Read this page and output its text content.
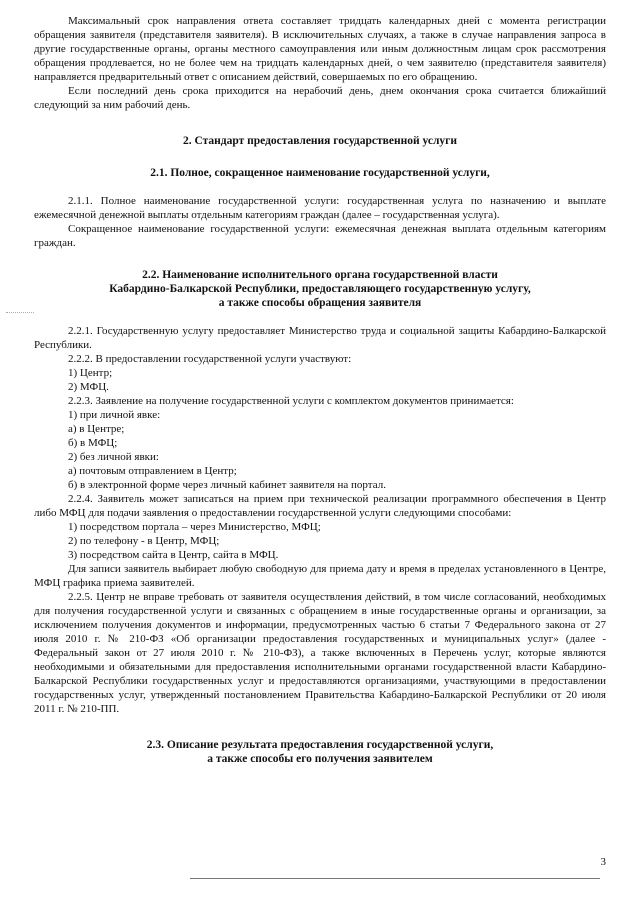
Максимальный срок направления ответа составляет тридцать календарных дней с момента регистрации обращения заявителя (представителя заявителя). В исключительных случаях, а также в случае направления запроса в другие государственные органы, органы местного самоуправления или иным должностным лицам срок рассмотрения обращения продлевается, но не более чем на тридцать календарных дней, о чем заявителю (представителя заявителя) направляется предварительный ответ с описанием действий, совершаемых по его обращению.

Если последний день срока приходится на нерабочий день, днем окончания срока считается ближайший следующий за ним рабочий день.

2. Стандарт предоставления государственной услуги
2.1. Полное, сокращенное наименование государственной услуги,

2.1.1. Полное наименование государственной услуги: государственная услуга по назначению и выплате ежемесячной денежной выплаты отдельным категориям граждан (далее – государственная услуга).

Сокращенное наименование государственной услуги: ежемесячная денежная выплата отдельным категориям граждан.

2.2. Наименование исполнительного органа государственной власти
Кабардино-Балкарской Республики, предоставляющего государственную услугу,
а также способы обращения заявителя

2.2.1. Государственную услугу предоставляет Министерство труда и социальной защиты Кабардино-Балкарской Республики.

2.2.2. В предоставлении государственной услуги участвуют:

1) Центр;

2) МФЦ.

2.2.3. Заявление на получение государственной услуги с комплектом документов принимается:

1) при личной явке:

а) в Центре;

б) в МФЦ;

2) без личной явки:

а) почтовым отправлением в Центр;

б) в электронной форме через личный кабинет заявителя на портал.

2.2.4. Заявитель может записаться на прием при технической реализации программного обеспечения в Центр либо МФЦ для подачи заявления о предоставлении государственной услуги следующими способами:

1) посредством портала – через Министерство, МФЦ;

2) по телефону - в Центр, МФЦ;

3) посредством сайта в Центр, сайта в МФЦ.

Для записи заявитель выбирает любую свободную для приема дату и время в пределах установленного в Центре, МФЦ графика приема заявителей.

2.2.5. Центр не вправе требовать от заявителя осуществления действий, в том числе согласований, необходимых для получения государственной услуги и связанных с обращением в иные государственные органы и организации, за исключением получения документов и информации, предусмотренных частью 6 статьи 7 Федерального закона от 27 июля 2010 г. № 210-ФЗ «Об организации предоставления государственных и муниципальных услуг» (далее - Федеральный закон от 27 июля 2010 г. № 210-ФЗ), а также включенных в Перечень услуг, которые являются необходимыми и обязательными для предоставления исполнительными органами государственной власти Кабардино-Балкарской Республики государственных услуг и предоставляются организациями, участвующими в предоставлении государственных услуг, утвержденный постановлением Правительства Кабардино-Балкарской Республики от 20 июля 2011 г. № 210-ПП.

2.3. Описание результата предоставления государственной услуги,
а также способы его получения заявителем
3
